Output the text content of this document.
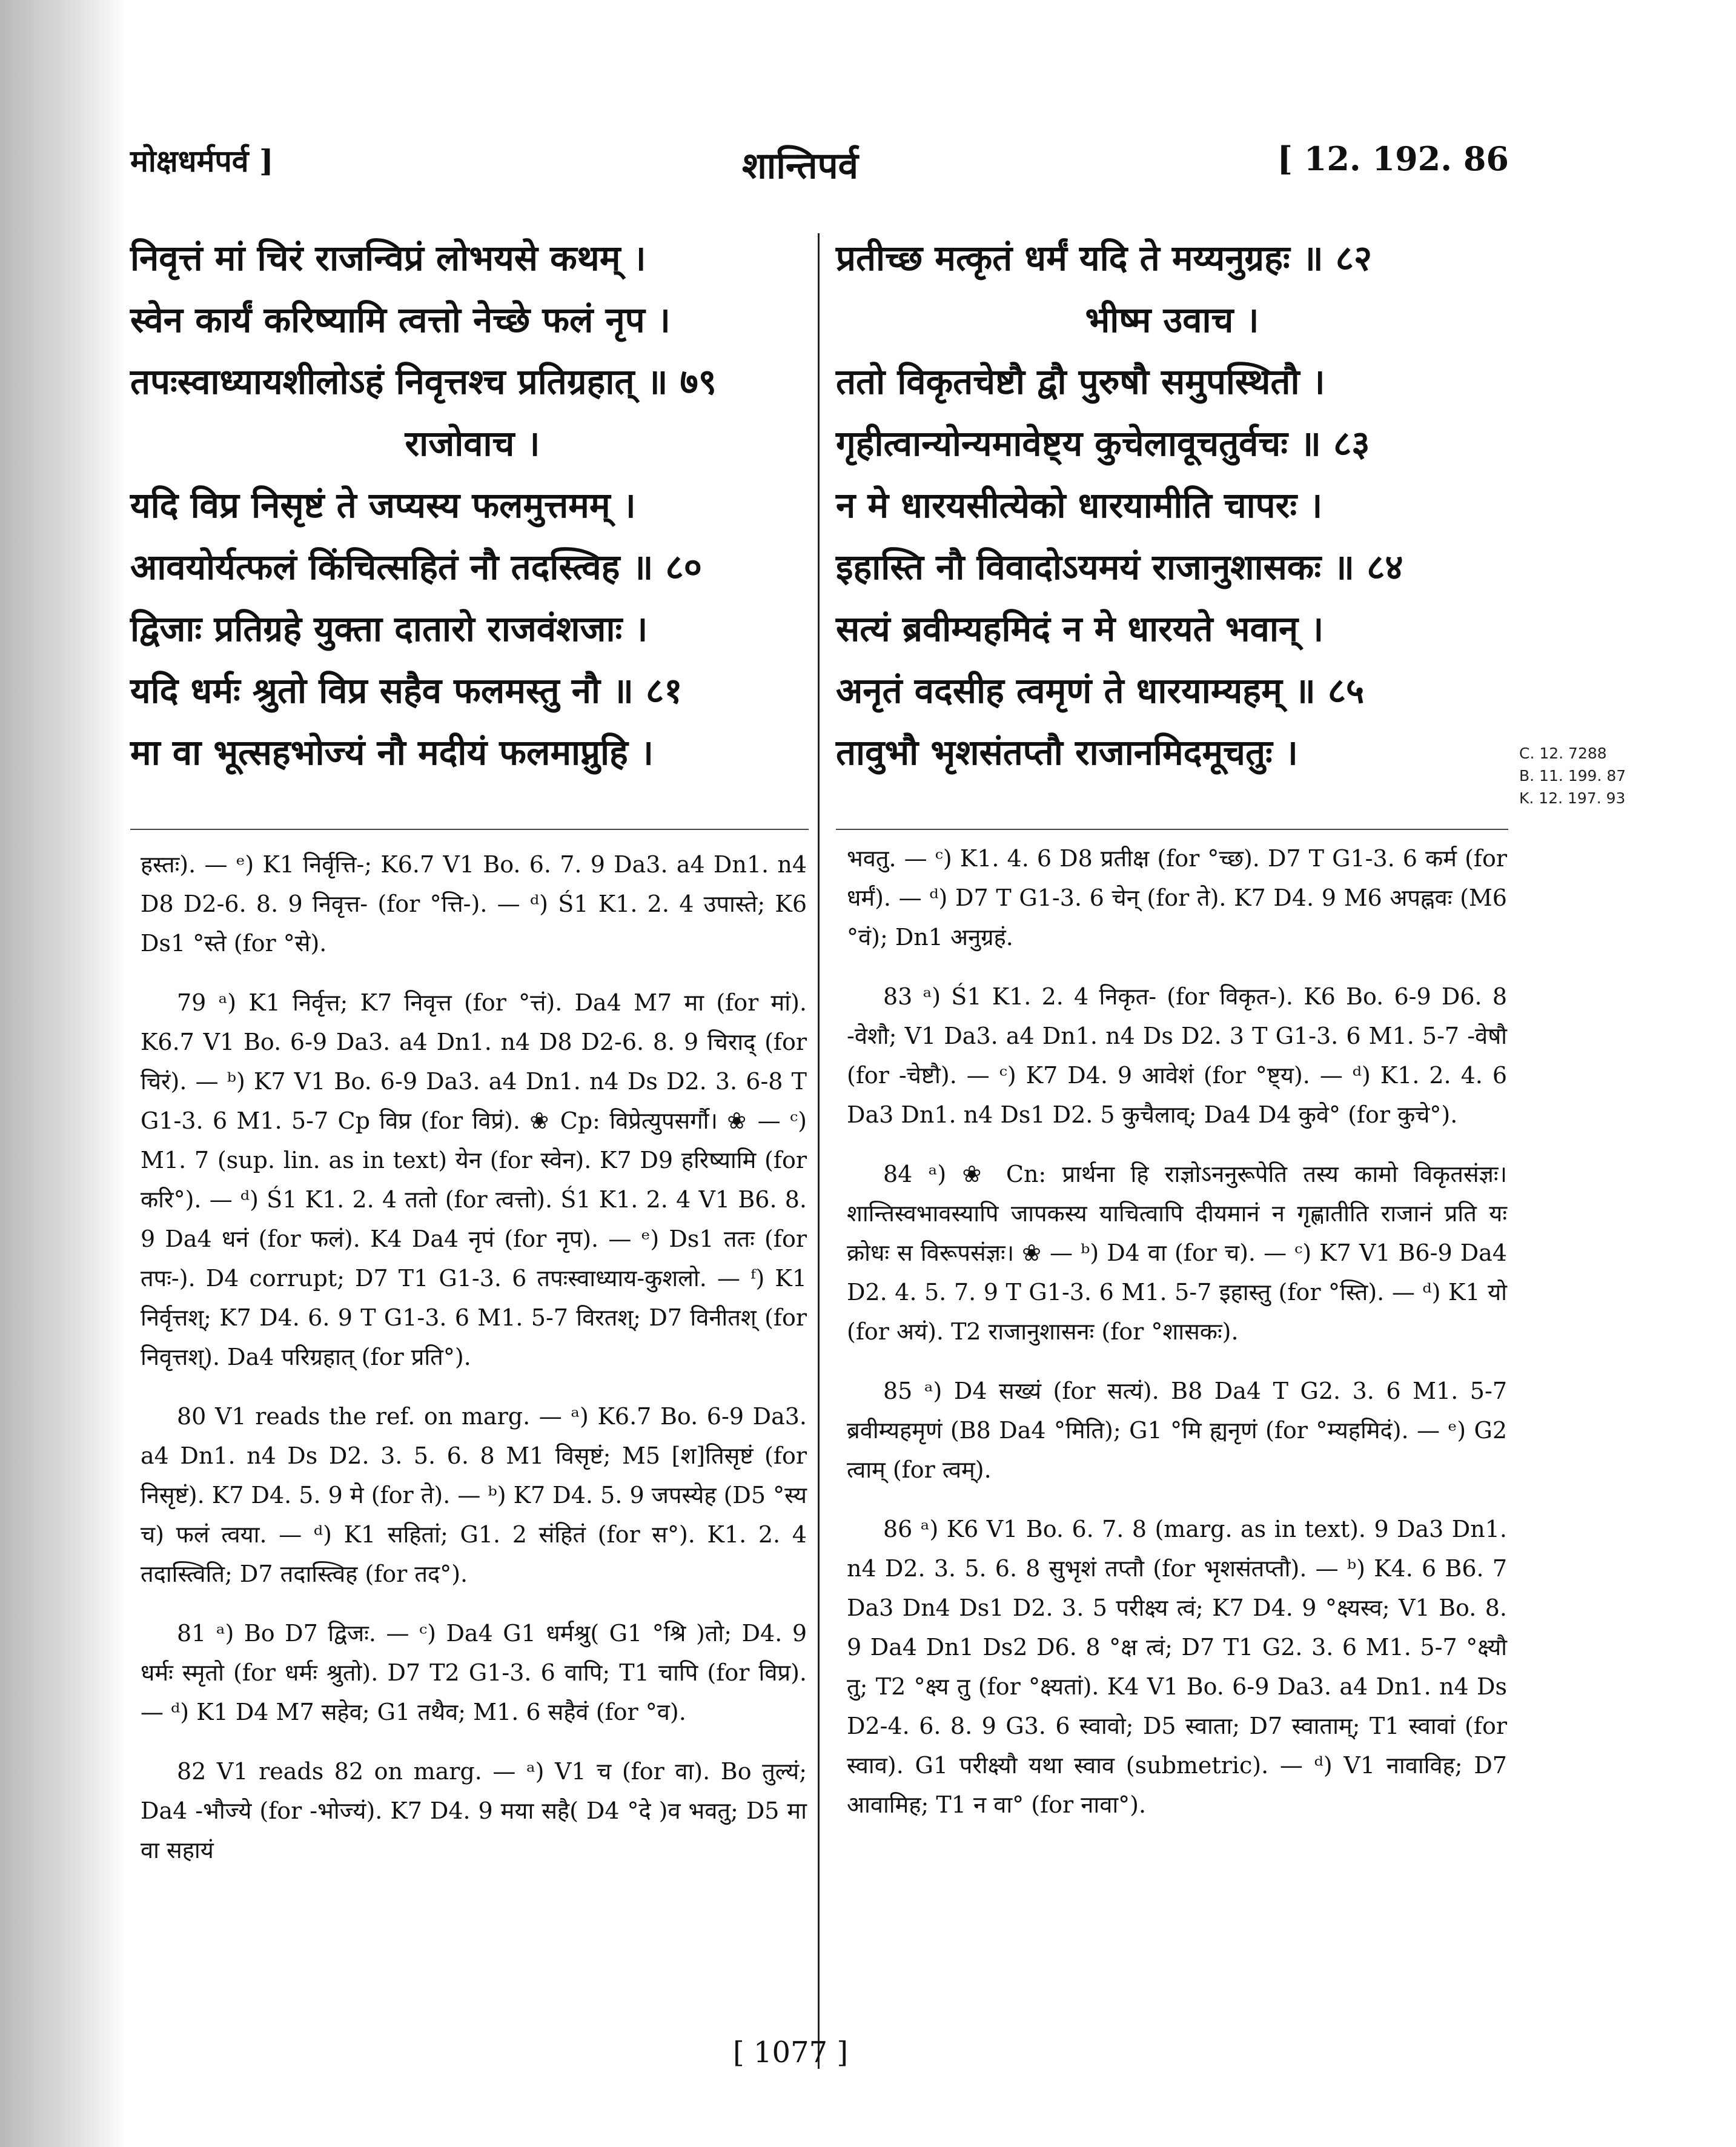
मोक्षधर्मपर्व ]	शान्तिपर्व	[ 12. 192. 86
निवृत्तं मां चिरं राजन्विप्रं लोभयसे कथम् ।
स्वेन कार्यं करिष्यामि त्वत्तो नेच्छे फलं नृप ।
तपःस्वाध्यायशीलोऽहं निवृत्तश्च प्रतिग्रहात् ॥ ७९
राजोवाच ।
यदि विप्र निसृष्टं ते जप्यस्य फलमुत्तमम् ।
आवयोर्यत्फलं किंचित्सहितं नौ तदस्त्विह ॥ ८०
द्विजाः प्रतिग्रहे युक्ता दातारो राजवंशजाः ।
यदि धर्मः श्रुतो विप्र सहैव फलमस्तु नौ ॥ ८१
मा वा भूत्सहभोज्यं नौ मदीयं फलमाप्नुहि ।
प्रतीच्छ मत्कृतं धर्मं यदि ते मय्यनुग्रहः ॥ ८२
भीष्म उवाच ।
ततो विकृतचेष्टौ द्वौ पुरुषौ समुपस्थितौ ।
गृहीत्वान्योन्यमावेष्ट्य कुचेलावूचतुर्वचः ॥ ८३
न मे धारयसीत्येको धारयामीति चापरः ।
इहास्ति नौ विवादोऽयमयं राजानुशासकः ॥ ८४
सत्यं ब्रवीम्यहमिदं न मे धारयते भवान् ।
अनृतं वदसीह त्वमृणं ते धारयाम्यहम् ॥ ८५
तावुभौ भृशसंतप्तौ राजानमिदमूचतुः ।	C. 12. 7288
B. 11. 199. 87
K. 12. 197. 93

हस्तः). — ᵉ) K1 निर्वृत्ति-; K6.7 V1 Bo. 6. 7. 9 Da3. a4 Dn1. n4 D8 D2-6. 8. 9 निवृत्त- (for °त्ति-). — ᵈ) Ś1 K1. 2. 4 उपास्ते; K6 Ds1 °स्ते (for °से).

79 ᵃ) K1 निर्वृत्त; K7 निवृत्त (for °त्तं). Da4 M7 मा (for मां). K6.7 V1 Bo. 6-9 Da3. a4 Dn1. n4 D8 D2-6. 8. 9 चिराद् (for चिरं). — ᵇ) K7 V1 Bo. 6-9 Da3. a4 Dn1. n4 Ds D2. 3. 6-8 T G1-3. 6 M1. 5-7 Cp विप्र (for विप्रं). ❀ Cp: विप्रेत्युपसर्गौ। ❀ — ᶜ) M1. 7 (sup. lin. as in text) येन (for स्वेन). K7 D9 हरिष्यामि (for करि°). — ᵈ) Ś1 K1. 2. 4 ततो (for त्वत्तो). Ś1 K1. 2. 4 V1 B6. 8. 9 Da4 धनं (for फलं). K4 Da4 नृपं (for नृप). — ᵉ) Ds1 ततः (for तपः-). D4 corrupt; D7 T1 G1-3. 6 तपःस्वाध्याय-कुशलो. — ᶠ) K1 निर्वृत्तश्; K7 D4. 6. 9 T G1-3. 6 M1. 5-7 विरतश्; D7 विनीतश् (for निवृत्तश्). Da4 परिग्रहात् (for प्रति°).

80 V1 reads the ref. on marg. — ᵃ) K6.7 Bo. 6-9 Da3. a4 Dn1. n4 Ds D2. 3. 5. 6. 8 M1 विसृष्टं; M5 [श]तिसृष्टं (for निसृष्टं). K7 D4. 5. 9 मे (for ते). — ᵇ) K7 D4. 5. 9 जपस्येह (D5 °स्य च) फलं त्वया. — ᵈ) K1 सहितां; G1. 2 संहितं (for स°). K1. 2. 4 तदास्त्विति; D7 तदास्त्विह (for तद°).

81 ᵃ) Bo D7 द्विजः. — ᶜ) Da4 G1 धर्मश्रु( G1 °श्रि )तो; D4. 9 धर्मः स्मृतो (for धर्मः श्रुतो). D7 T2 G1-3. 6 वापि; T1 चापि (for विप्र). — ᵈ) K1 D4 M7 सहेव; G1 तथैव; M1. 6 सहैवं (for °व).

82 V1 reads 82 on marg. — ᵃ) V1 च (for वा). Bo तुल्यं; Da4 -भौज्ये (for -भोज्यं). K7 D4. 9 मया सहै( D4 °दे )व भवतु; D5 मा वा सहायं

भवतु. — ᶜ) K1. 4. 6 D8 प्रतीक्ष (for °च्छ). D7 T G1-3. 6 कर्म (for धर्मं). — ᵈ) D7 T G1-3. 6 चेन् (for ते). K7 D4. 9 M6 अपह्नवः (M6 °वं); Dn1 अनुग्रहं.

83 ᵃ) Ś1 K1. 2. 4 निकृत- (for विकृत-). K6 Bo. 6-9 D6. 8 -वेशौ; V1 Da3. a4 Dn1. n4 Ds D2. 3 T G1-3. 6 M1. 5-7 -वेषौ (for -चेष्टौ). — ᶜ) K7 D4. 9 आवेशं (for °ष्ट्य). — ᵈ) K1. 2. 4. 6 Da3 Dn1. n4 Ds1 D2. 5 कुचैलाव्; Da4 D4 कुवे° (for कुचे°).

84 ᵃ) ❀ Cn: प्रार्थना हि राज्ञोऽननुरूपेति तस्य कामो विकृतसंज्ञः। शान्तिस्वभावस्यापि जापकस्य याचित्वापि दीयमानं न गृह्णातीति राजानं प्रति यः क्रोधः स विरूपसंज्ञः। ❀ — ᵇ) D4 वा (for च). — ᶜ) K7 V1 B6-9 Da4 D2. 4. 5. 7. 9 T G1-3. 6 M1. 5-7 इहास्तु (for °स्ति). — ᵈ) K1 यो (for अयं). T2 राजानुशासनः (for °शासकः).

85 ᵃ) D4 सख्यं (for सत्यं). B8 Da4 T G2. 3. 6 M1. 5-7 ब्रवीम्यहमृणं (B8 Da4 °मिति); G1 °मि ह्यनृणं (for °म्यहमिदं). — ᵉ) G2 त्वाम् (for त्वम्).

86 ᵃ) K6 V1 Bo. 6. 7. 8 (marg. as in text). 9 Da3 Dn1. n4 D2. 3. 5. 6. 8 सुभृशं तप्तौ (for भृशसंतप्तौ). — ᵇ) K4. 6 B6. 7 Da3 Dn4 Ds1 D2. 3. 5 परीक्ष्य त्वं; K7 D4. 9 °क्ष्यस्व; V1 Bo. 8. 9 Da4 Dn1 Ds2 D6. 8 °क्ष त्वं; D7 T1 G2. 3. 6 M1. 5-7 °क्ष्यौ तु; T2 °क्ष्य तु (for °क्ष्यतां). K4 V1 Bo. 6-9 Da3. a4 Dn1. n4 Ds D2-4. 6. 8. 9 G3. 6 स्वावो; D5 स्वाता; D7 स्वाताम्; T1 स्वावां (for स्वाव). G1 परीक्ष्यौ यथा स्वाव (submetric). — ᵈ) V1 नावाविह; D7 आवामिह; T1 न वा° (for नावा°).

[ 1077 ]
